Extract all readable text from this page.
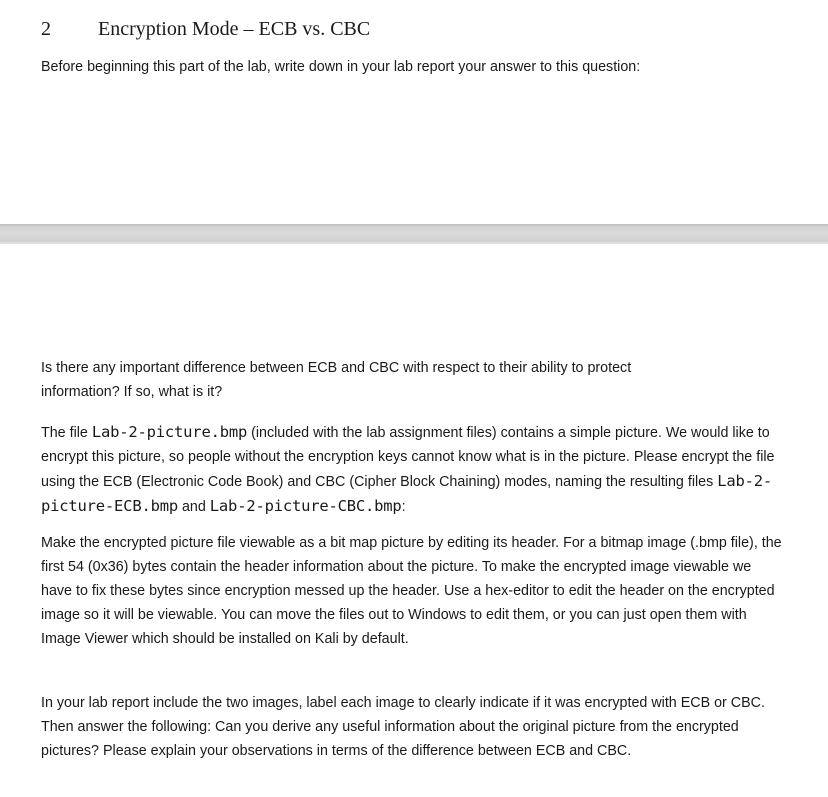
2 Encryption Mode – ECB vs. CBC

Before beginning this part of the lab, write down in your lab report your answer to this question:

Is there any important difference between ECB and CBC with respect to their ability to protect
information? If so, what is it?

The file Lab-2-picture.bmp (included with the lab assignment files) contains a simple picture. We would like to encrypt this picture, so people without the encryption keys cannot know what is in the picture. Please encrypt the file using the ECB (Electronic Code Book) and CBC (Cipher Block Chaining) modes, naming the resulting files Lab-2-picture-ECB.bmp and Lab-2-picture-CBC.bmp:

Make the encrypted picture file viewable as a bit map picture by editing its header. For a bitmap image (.bmp file), the first 54 (0x36) bytes contain the header information about the picture. To make the encrypted image viewable we have to fix these bytes since encryption messed up the header. Use a hex-editor to edit the header on the encrypted image so it will be viewable. You can move the files out to Windows to edit them, or you can just open them with Image Viewer which should be installed on Kali by default.

In your lab report include the two images, label each image to clearly indicate if it was encrypted with ECB or CBC. Then answer the following: Can you derive any useful information about the original picture from the encrypted pictures? Please explain your observations in terms of the difference between ECB and CBC.
